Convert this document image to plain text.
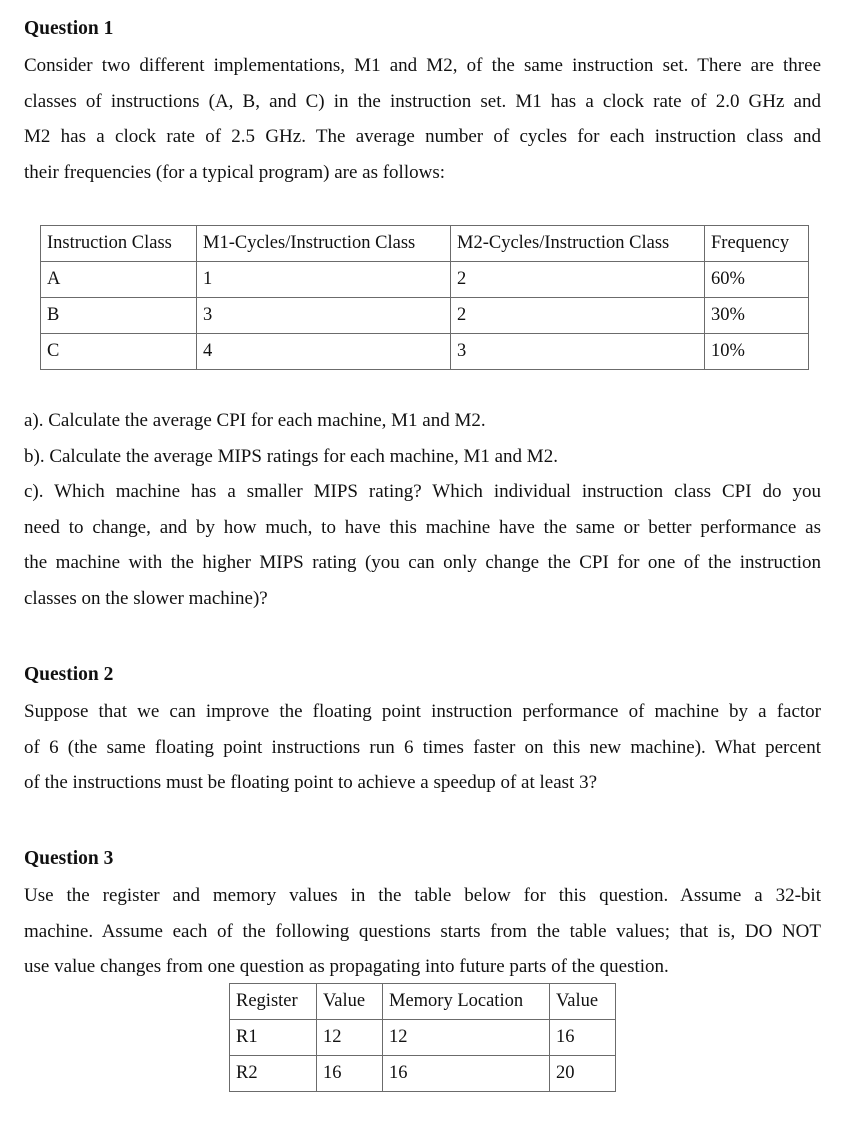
Question 1

Consider two different implementations, M1 and M2, of the same instruction set. There are three

classes of instructions (A, B, and C) in the instruction set. M1 has a clock rate of 2.0 GHz and

M2 has a clock rate of 2.5 GHz. The average number of cycles for each instruction class and

their frequencies (for a typical program) are as follows:

Instruction Class	M1-Cycles/Instruction Class	M2-Cycles/Instruction Class	Frequency
A	1	2	60%
B	3	2	30%
C	4	3	10%

a). Calculate the average CPI for each machine, M1 and M2.

b). Calculate the average MIPS ratings for each machine, M1 and M2.

c). Which machine has a smaller MIPS rating? Which individual instruction class CPI do you

need to change, and by how much, to have this machine have the same or better performance as

the machine with the higher MIPS rating (you can only change the CPI for one of the instruction

classes on the slower machine)?

Question 2

Suppose that we can improve the floating point instruction performance of machine by a factor

of 6 (the same floating point instructions run 6 times faster on this new machine). What percent

of the instructions must be floating point to achieve a speedup of at least 3?

Question 3

Use the register and memory values in the table below for this question. Assume a 32-bit

machine. Assume each of the following questions starts from the table values; that is, DO NOT

use value changes from one question as propagating into future parts of the question.

Register	Value	Memory Location	Value
R1	12	12	16
R2	16	16	20
